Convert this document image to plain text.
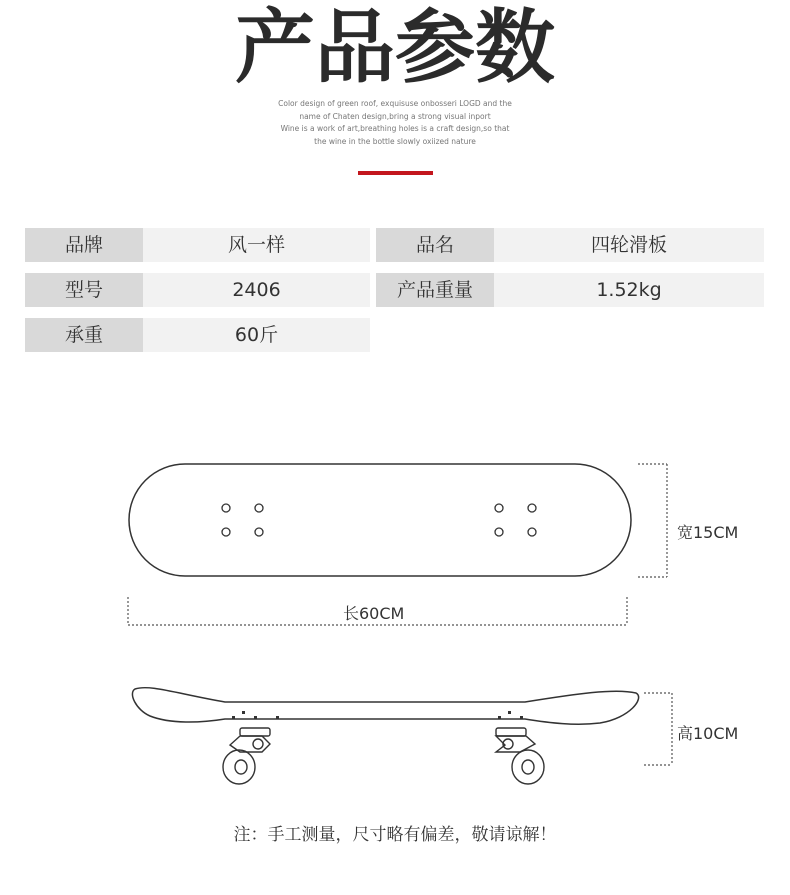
产品参数
Color design of green roof, exquisuse onbosseri LOGD and the
name of Chaten design,bring a strong visual inport
Wine is a work of art,breathing holes is a craft design,so that
the wine in the bottle slowly oxiized nature
品牌	风一样	品名	四轮滑板
型号	2406	产品重量	1.52kg
承重	60斤
宽15CM
长60CM
高10CM
注：手工测量，尺寸略有偏差，敬请谅解！
